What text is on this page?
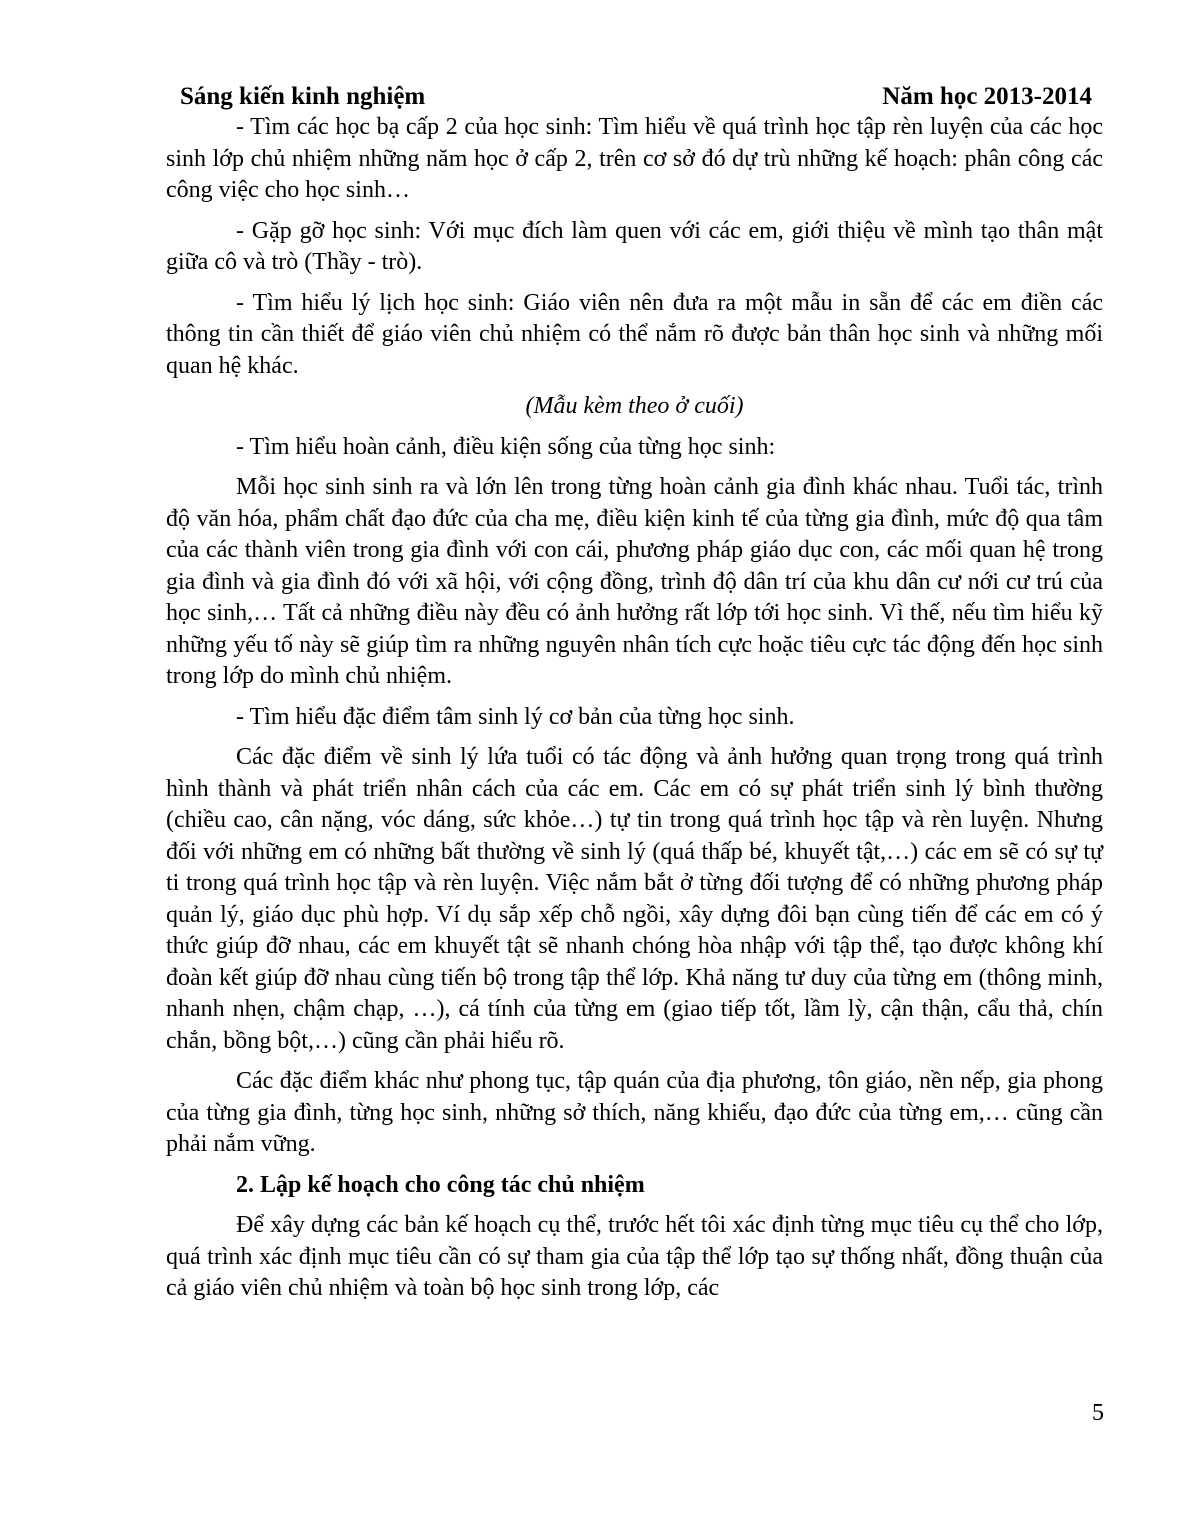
Sáng kiến kinh nghiệm	Năm học 2013-2014

- Tìm các học bạ cấp 2 của học sinh: Tìm hiểu về quá trình học tập rèn luyện của các học sinh lớp chủ nhiệm những năm học ở cấp 2, trên cơ sở đó dự trù những kế hoạch: phân công các công việc cho học sinh…

- Gặp gỡ học sinh: Với mục đích làm quen với các em, giới thiệu về mình tạo thân mật giữa cô và trò (Thầy - trò).

- Tìm hiểu lý lịch học sinh: Giáo viên nên đưa ra một mẫu in sẵn để các em điền các thông tin cần thiết để giáo viên chủ nhiệm có thể nắm rõ được bản thân học sinh và những mối quan hệ khác.

(Mẫu kèm theo ở cuối)

- Tìm hiểu hoàn cảnh, điều kiện sống của từng học sinh:

Mỗi học sinh sinh ra và lớn lên trong từng hoàn cảnh gia đình khác nhau. Tuổi tác, trình độ văn hóa, phẩm chất đạo đức của cha mẹ, điều kiện kinh tế của từng gia đình, mức độ qua tâm của các thành viên trong gia đình với con cái, phương pháp giáo dục con, các mối quan hệ trong gia đình và gia đình đó với xã hội, với cộng đồng, trình độ dân trí của khu dân cư nới cư trú của học sinh,… Tất cả những điều này đều có ảnh hưởng rất lớp tới học sinh. Vì thế, nếu tìm hiểu kỹ những yếu tố này sẽ giúp tìm ra những nguyên nhân tích cực hoặc tiêu cực tác động đến học sinh trong lớp do mình chủ nhiệm.

- Tìm hiểu đặc điểm tâm sinh lý cơ bản của từng học sinh.

Các đặc điểm về sinh lý lứa tuổi có tác động và ảnh hưởng quan trọng trong quá trình hình thành và phát triển nhân cách của các em. Các em có sự phát triển sinh lý bình thường (chiều cao, cân nặng, vóc dáng, sức khỏe…) tự tin trong quá trình học tập và rèn luyện. Nhưng đối với những em có những bất thường về sinh lý (quá thấp bé, khuyết tật,…) các em sẽ có sự tự ti trong quá trình học tập và rèn luyện. Việc nắm bắt ở từng đối tượng để có những phương pháp quản lý, giáo dục phù hợp. Ví dụ sắp xếp chỗ ngồi, xây dựng đôi bạn cùng tiến để các em có ý thức giúp đỡ nhau, các em khuyết tật sẽ nhanh chóng hòa nhập với tập thể, tạo được không khí đoàn kết giúp đỡ nhau cùng tiến bộ trong tập thể lớp. Khả năng tư duy của từng em (thông minh, nhanh nhẹn, chậm chạp, …), cá tính của từng em (giao tiếp tốt, lầm lỳ, cận thận, cẩu thả, chín chắn, bồng bột,…) cũng cần phải hiểu rõ.

Các đặc điểm khác như phong tục, tập quán của địa phương, tôn giáo, nền nếp, gia phong của từng gia đình, từng học sinh, những sở thích, năng khiếu, đạo đức của từng em,… cũng cần phải nắm vững.

2. Lập kế hoạch cho công tác chủ nhiệm

Để xây dựng các bản kế hoạch cụ thể, trước hết tôi xác định từng mục tiêu cụ thể cho lớp, quá trình xác định mục tiêu cần có sự tham gia của tập thể lớp tạo sự thống nhất, đồng thuận của cả giáo viên chủ nhiệm và toàn bộ học sinh trong lớp, các

5
